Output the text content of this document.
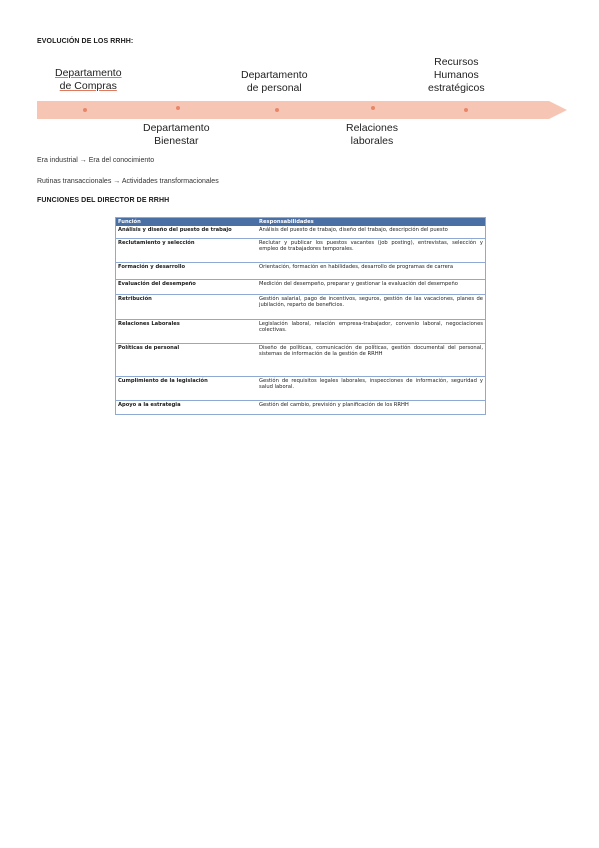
EVOLUCIÓN DE LOS RRHH:
Departamento
de Compras
Departamento
de personal
Recursos
Humanos
estratégicos
Departamento
Bienestar
Relaciones
laborales
Era industrial → Era del conocimiento
Rutinas transaccionales → Actividades transformacionales
FUNCIONES DEL DIRECTOR DE RRHH
Función	Responsabilidades
Análisis y diseño del puesto de trabajo	Análisis del puesto de trabajo, diseño del trabajo, descripción del puesto
Reclutamiento y selección	Reclutar y publicar los puestos vacantes (job posting), entrevistas, selección y empleo de trabajadores temporales.
Formación y desarrollo	Orientación, formación en habilidades, desarrollo de programas de carrera
Evaluación del desempeño	Medición del desempeño, preparar y gestionar la evaluación del desempeño
Retribución	Gestión salarial, pago de incentivos, seguros, gestión de las vacaciones, planes de jubilación, reparto de beneficios.
Relaciones Laborales	Legislación laboral, relación empresa-trabajador, convenio laboral, negociaciones colectivas.
Políticas de personal	Diseño de políticas, comunicación de políticas, gestión documental del personal, sistemas de información de la gestión de RRHH
Cumplimiento de la legislación	Gestión de requisitos legales laborales, inspecciones de información, seguridad y salud laboral.
Apoyo a la estrategia	Gestión del cambio, previsión y planificación de los RRHH
